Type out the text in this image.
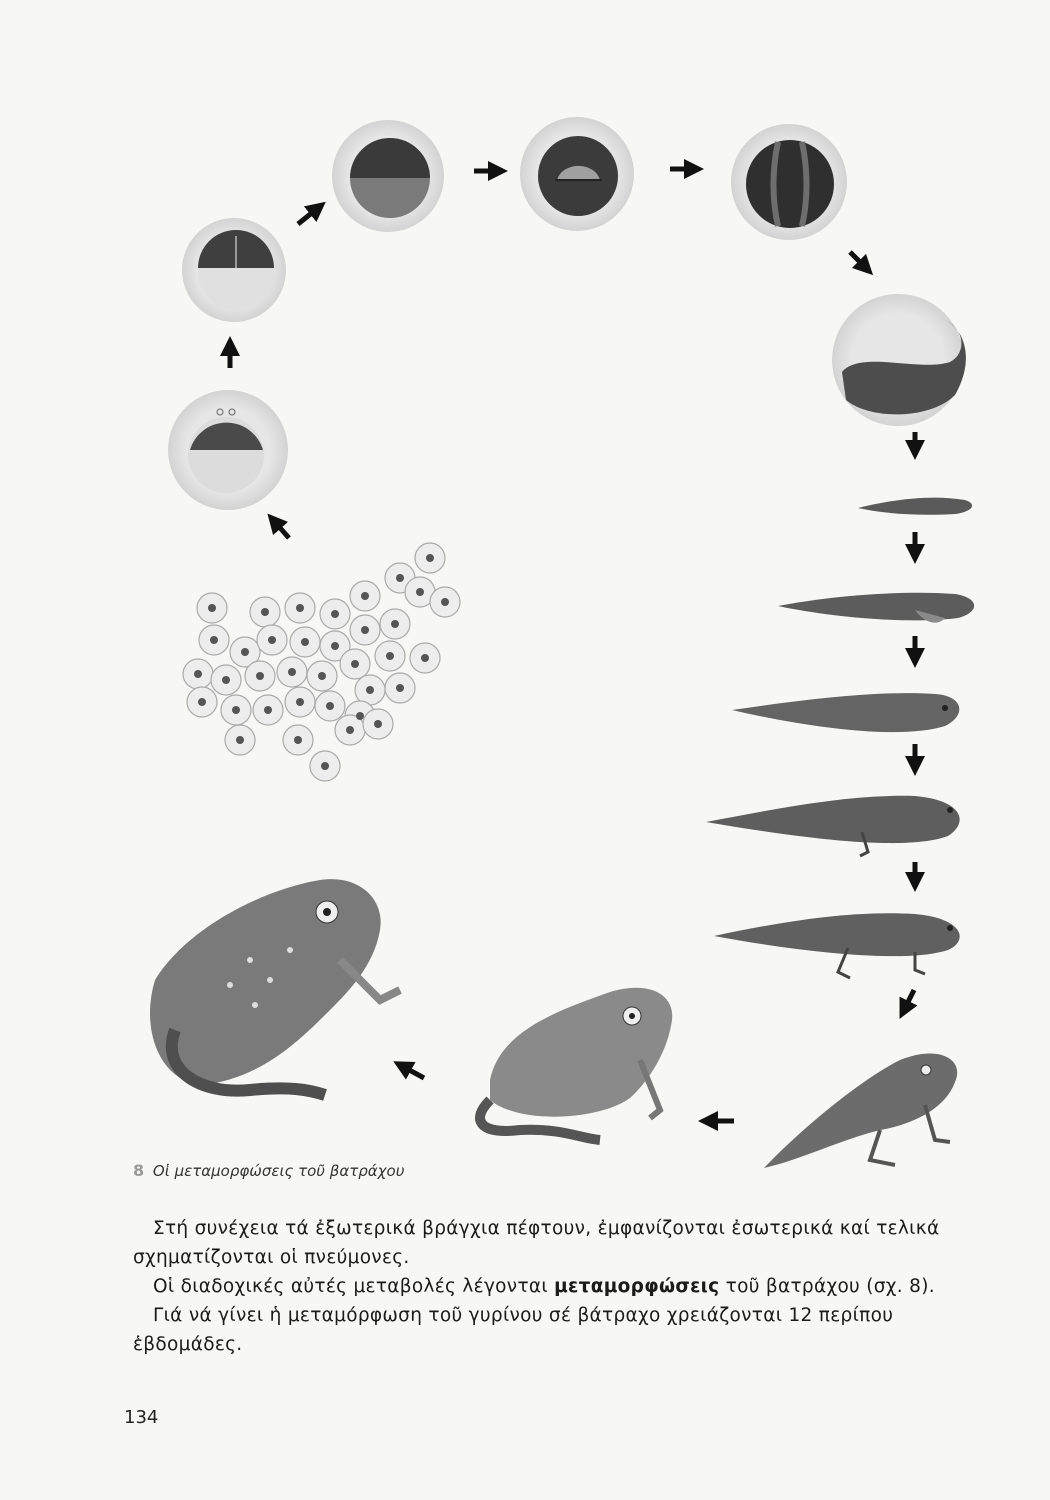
8 Οἱ μεταμορφώσεις τοῦ βατράχου

Στή συνέχεια τά ἐξωτερικά βράγχια πέφτουν, ἐμφανίζονται ἐσωτερικά καί τελικά σχηματίζονται οἱ πνεύμονες.

Οἱ διαδοχικές αὐτές μεταβολές λέγονται μεταμορφώσεις τοῦ βατράχου (σχ. 8).

Γιά νά γίνει ἡ μεταμόρφωση τοῦ γυρίνου σέ βάτραχο χρειάζονται 12 περίπου ἑβδομάδες.

134
